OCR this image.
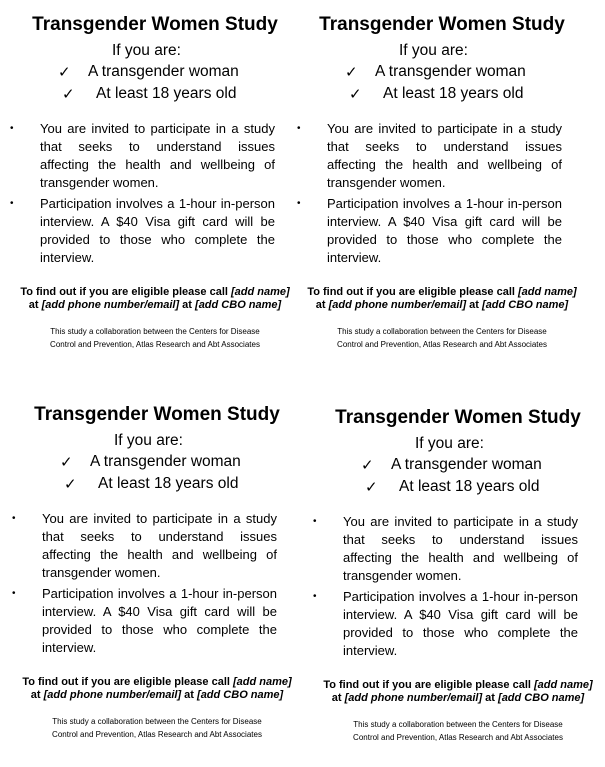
Transgender Women Study

If you are:

✓ A transgender woman
✓ At least 18 years old
• You are invited to participate in a study that seeks to understand issues affecting the health and wellbeing of transgender women.

• Participation involves a 1-hour in-person interview. A $40 Visa gift card will be provided to those who complete the interview.

To find out if you are eligible please call [add name]
at [add phone number/email] at [add CBO name]
This study a collaboration between the Centers for Disease
Control and Prevention, Atlas Research and Abt Associates
Transgender Women Study

If you are:

✓ A transgender woman
✓ At least 18 years old
• You are invited to participate in a study that seeks to understand issues affecting the health and wellbeing of transgender women.

• Participation involves a 1-hour in-person interview. A $40 Visa gift card will be provided to those who complete the interview.

To find out if you are eligible please call [add name]
at [add phone number/email] at [add CBO name]
This study a collaboration between the Centers for Disease
Control and Prevention, Atlas Research and Abt Associates
Transgender Women Study

If you are:

✓ A transgender woman
✓ At least 18 years old
• You are invited to participate in a study that seeks to understand issues affecting the health and wellbeing of transgender women.

• Participation involves a 1-hour in-person interview. A $40 Visa gift card will be provided to those who complete the interview.

To find out if you are eligible please call [add name]
at [add phone number/email] at [add CBO name]
This study a collaboration between the Centers for Disease
Control and Prevention, Atlas Research and Abt Associates
Transgender Women Study

If you are:

✓ A transgender woman
✓ At least 18 years old
• You are invited to participate in a study that seeks to understand issues affecting the health and wellbeing of transgender women.

• Participation involves a 1-hour in-person interview. A $40 Visa gift card will be provided to those who complete the interview.

To find out if you are eligible please call [add name]
at [add phone number/email] at [add CBO name]
This study a collaboration between the Centers for Disease
Control and Prevention, Atlas Research and Abt Associates
